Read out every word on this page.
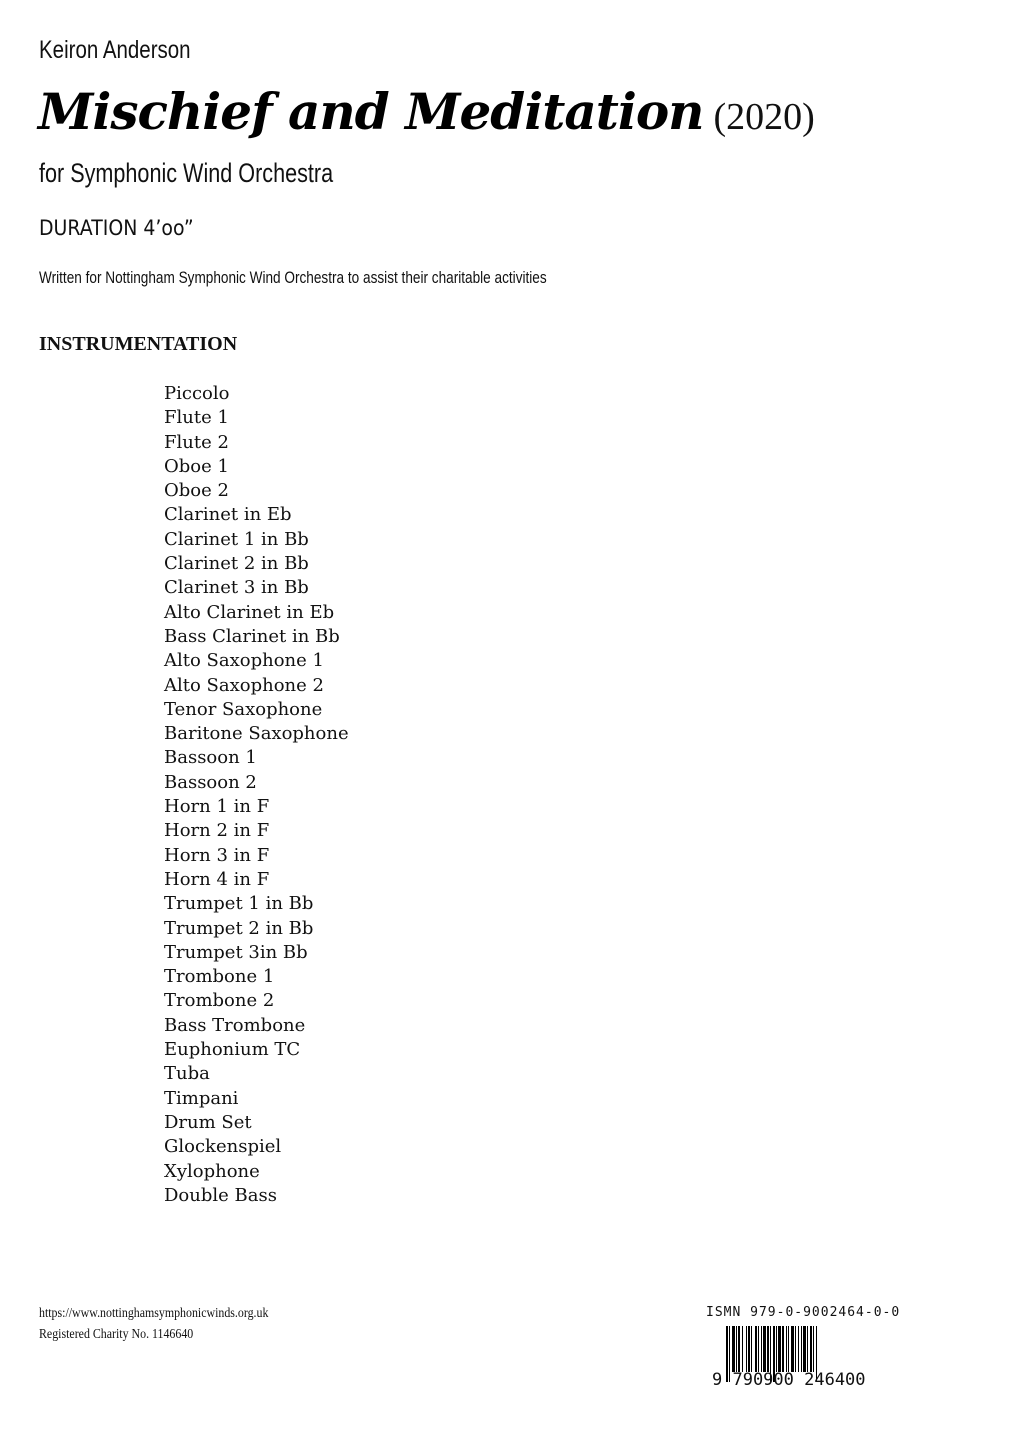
Keiron Anderson
Mischief and Meditation (2020)
for Symphonic Wind Orchestra
DURATION 4’oo”
Written for Nottingham Symphonic Wind Orchestra to assist their charitable activities
INSTRUMENTATION
Piccolo
Flute 1
Flute 2
Oboe 1
Oboe 2
Clarinet in Eb
Clarinet 1 in Bb
Clarinet 2 in Bb
Clarinet 3 in Bb
Alto Clarinet in Eb
Bass Clarinet in Bb
Alto Saxophone 1
Alto Saxophone 2
Tenor Saxophone
Baritone Saxophone
Bassoon 1
Bassoon 2
Horn 1 in F
Horn 2 in F
Horn 3 in F
Horn 4 in F
Trumpet 1 in Bb
Trumpet 2 in Bb
Trumpet 3in Bb
Trombone 1
Trombone 2
Bass Trombone
Euphonium TC
Tuba
Timpani
Drum Set
Glockenspiel
Xylophone
Double Bass
https://www.nottinghamsymphonicwinds.org.uk
Registered Charity No. 1146640
ISMN 979-0-9002464-0-0
9 790900 246400
